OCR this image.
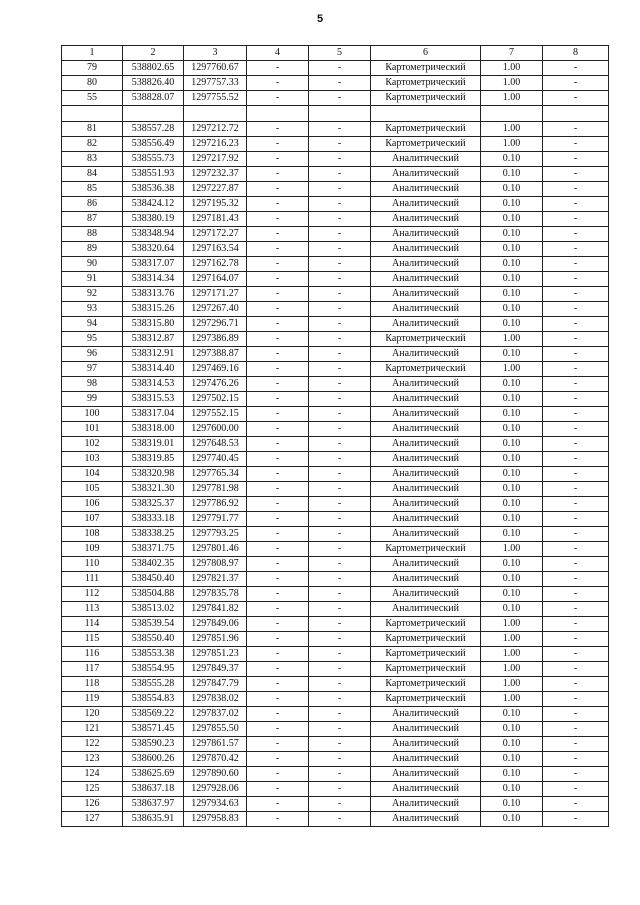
5
1	2	3	4	5	6	7	8
79	538802.65	1297760.67	-	-	Картометрический	1.00	-
80	538826.40	1297757.33	-	-	Картометрический	1.00	-
55	538828.07	1297755.52	-	-	Картометрический	1.00	-

81	538557.28	1297212.72	-	-	Картометрический	1.00	-
82	538556.49	1297216.23	-	-	Картометрический	1.00	-
83	538555.73	1297217.92	-	-	Аналитический	0.10	-
84	538551.93	1297232.37	-	-	Аналитический	0.10	-
85	538536.38	1297227.87	-	-	Аналитический	0.10	-
86	538424.12	1297195.32	-	-	Аналитический	0.10	-
87	538380.19	1297181.43	-	-	Аналитический	0.10	-
88	538348.94	1297172.27	-	-	Аналитический	0.10	-
89	538320.64	1297163.54	-	-	Аналитический	0.10	-
90	538317.07	1297162.78	-	-	Аналитический	0.10	-
91	538314.34	1297164.07	-	-	Аналитический	0.10	-
92	538313.76	1297171.27	-	-	Аналитический	0.10	-
93	538315.26	1297267.40	-	-	Аналитический	0.10	-
94	538315.80	1297296.71	-	-	Аналитический	0.10	-
95	538312.87	1297386.89	-	-	Картометрический	1.00	-
96	538312.91	1297388.87	-	-	Аналитический	0.10	-
97	538314.40	1297469.16	-	-	Картометрический	1.00	-
98	538314.53	1297476.26	-	-	Аналитический	0.10	-
99	538315.53	1297502.15	-	-	Аналитический	0.10	-
100	538317.04	1297552.15	-	-	Аналитический	0.10	-
101	538318.00	1297600.00	-	-	Аналитический	0.10	-
102	538319.01	1297648.53	-	-	Аналитический	0.10	-
103	538319.85	1297740.45	-	-	Аналитический	0.10	-
104	538320.98	1297765.34	-	-	Аналитический	0.10	-
105	538321.30	1297781.98	-	-	Аналитический	0.10	-
106	538325.37	1297786.92	-	-	Аналитический	0.10	-
107	538333.18	1297791.77	-	-	Аналитический	0.10	-
108	538338.25	1297793.25	-	-	Аналитический	0.10	-
109	538371.75	1297801.46	-	-	Картометрический	1.00	-
110	538402.35	1297808.97	-	-	Аналитический	0.10	-
111	538450.40	1297821.37	-	-	Аналитический	0.10	-
112	538504.88	1297835.78	-	-	Аналитический	0.10	-
113	538513.02	1297841.82	-	-	Аналитический	0.10	-
114	538539.54	1297849.06	-	-	Картометрический	1.00	-
115	538550.40	1297851.96	-	-	Картометрический	1.00	-
116	538553.38	1297851.23	-	-	Картометрический	1.00	-
117	538554.95	1297849.37	-	-	Картометрический	1.00	-
118	538555.28	1297847.79	-	-	Картометрический	1.00	-
119	538554.83	1297838.02	-	-	Картометрический	1.00	-
120	538569.22	1297837.02	-	-	Аналитический	0.10	-
121	538571.45	1297855.50	-	-	Аналитический	0.10	-
122	538590.23	1297861.57	-	-	Аналитический	0.10	-
123	538600.26	1297870.42	-	-	Аналитический	0.10	-
124	538625.69	1297890.60	-	-	Аналитический	0.10	-
125	538637.18	1297928.06	-	-	Аналитический	0.10	-
126	538637.97	1297934.63	-	-	Аналитический	0.10	-
127	538635.91	1297958.83	-	-	Аналитический	0.10	-
